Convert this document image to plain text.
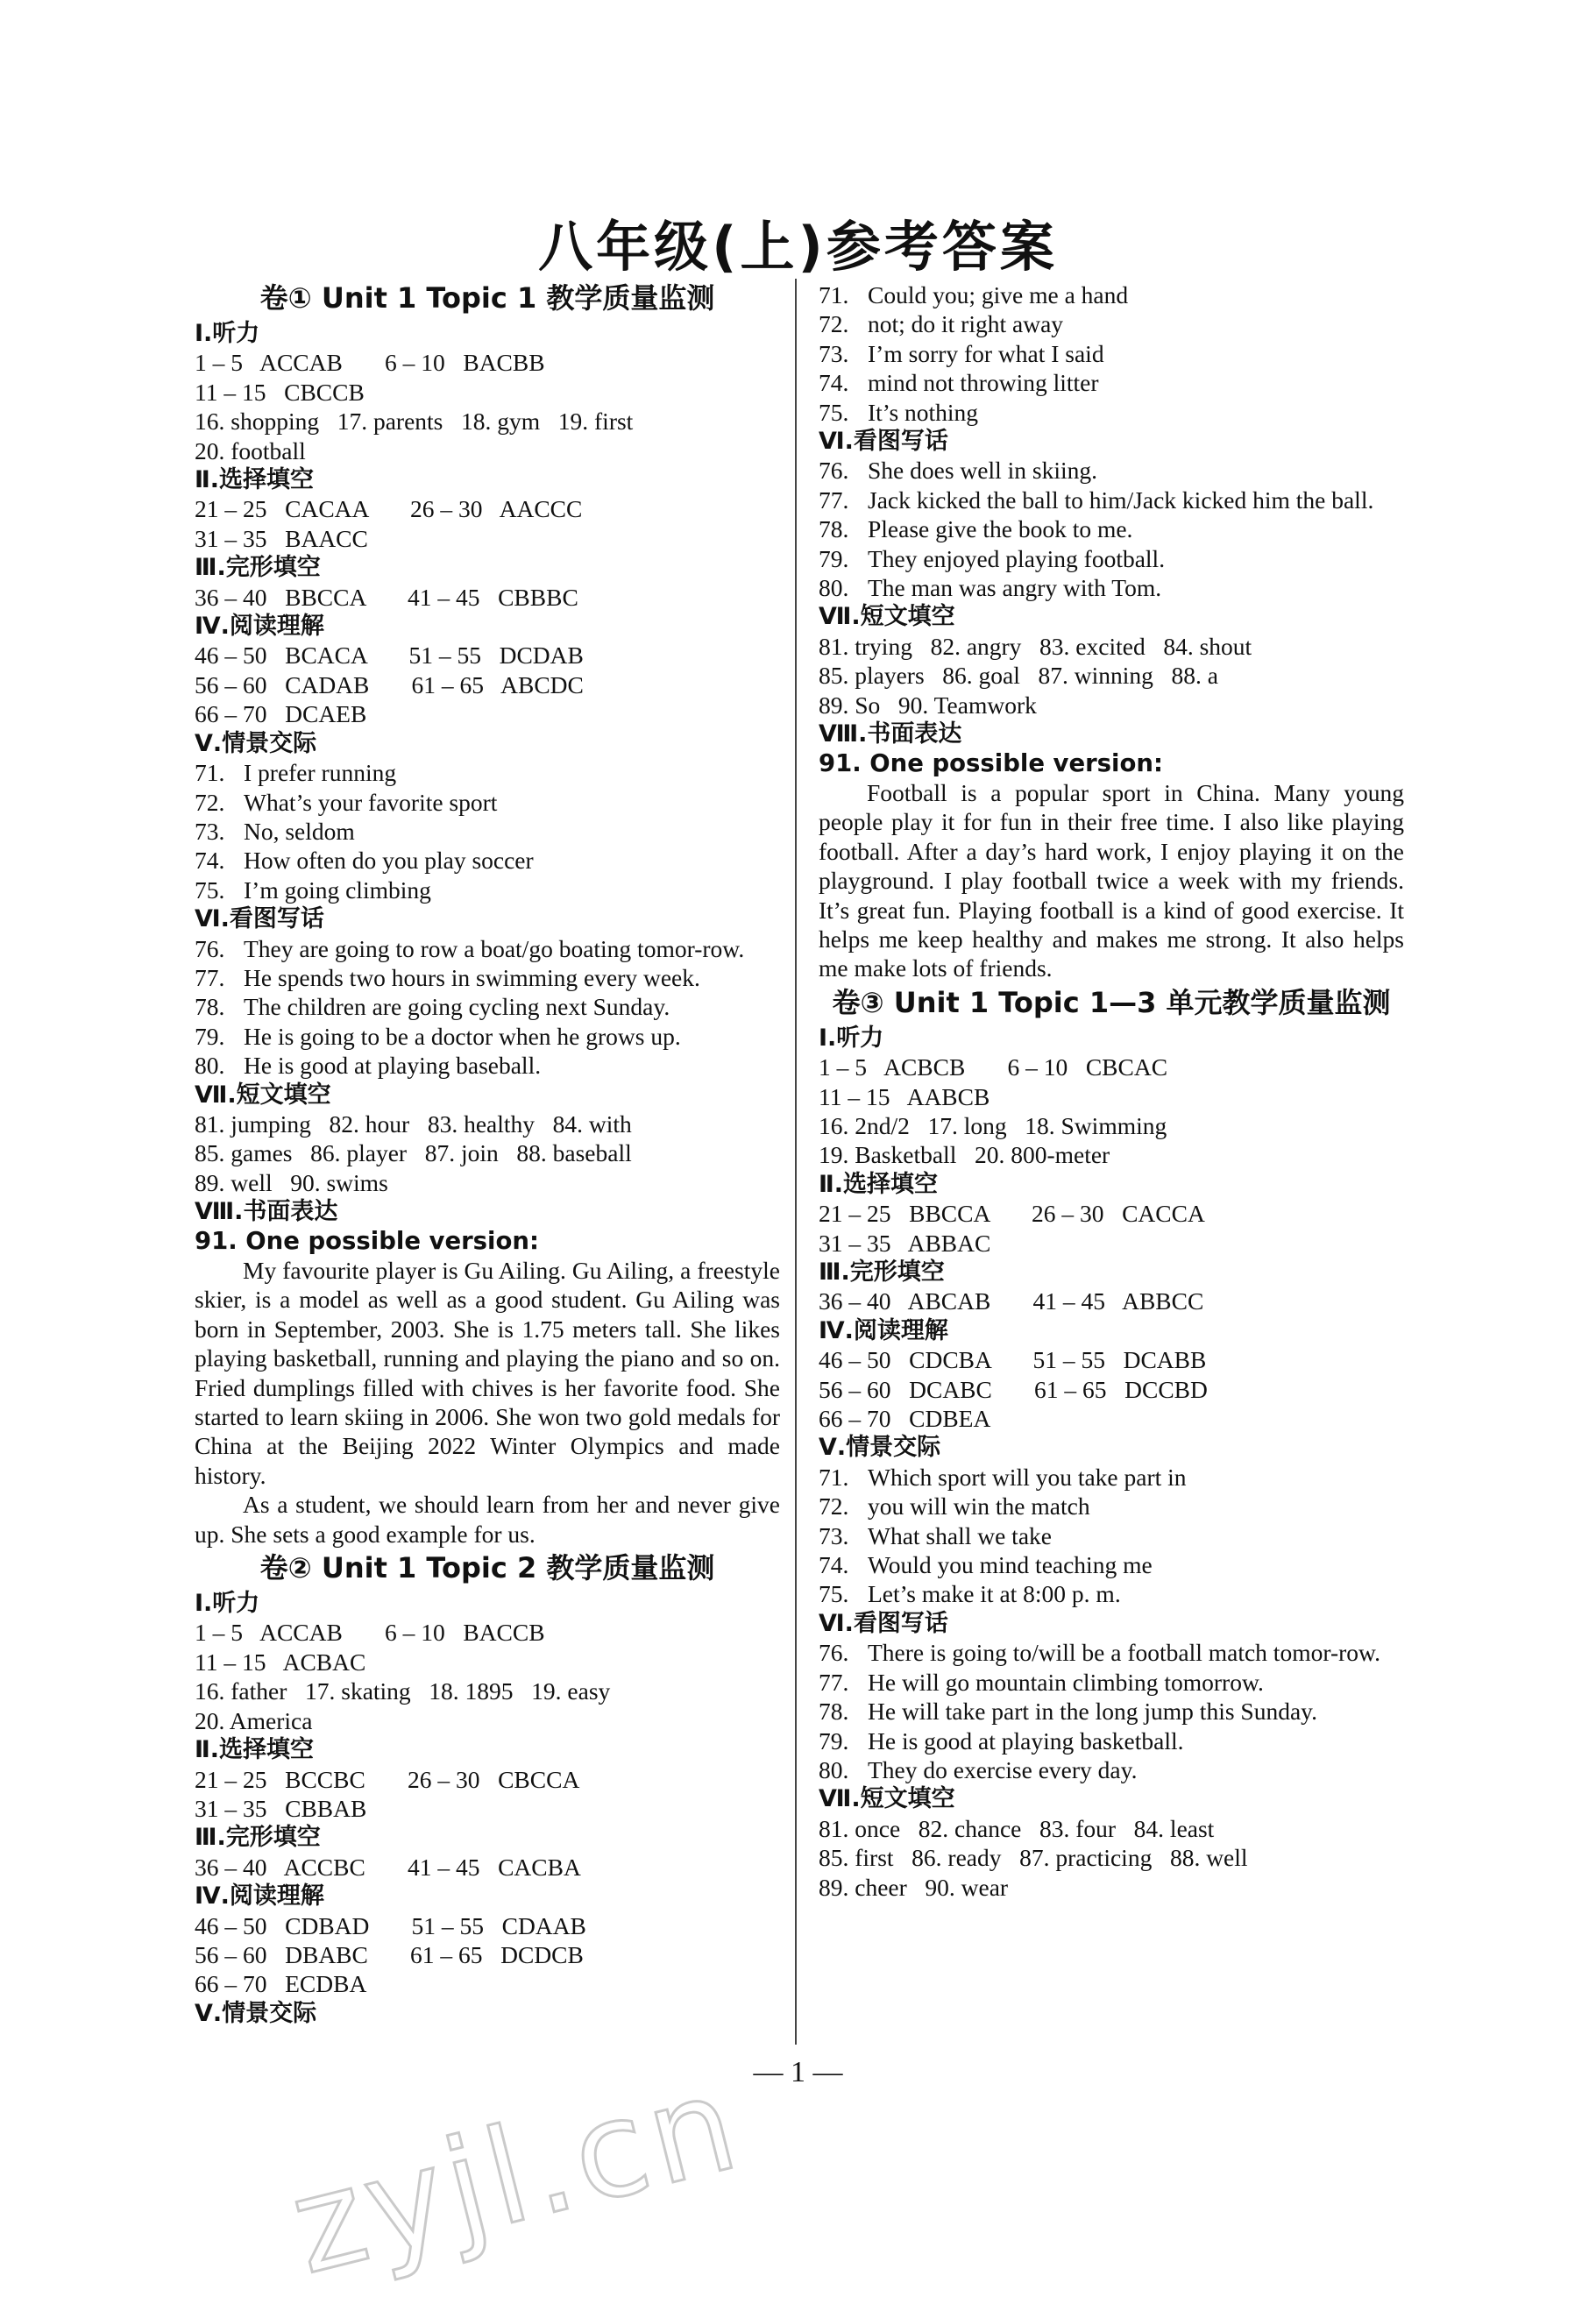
八年级(上)参考答案
卷① Unit 1 Topic 1 教学质量监测
Ⅰ.听力
1 – 5   ACCAB       6 – 10   BACBB
11 – 15   CBCCB
16. shopping   17. parents   18. gym   19. first
20. football
Ⅱ.选择填空
21 – 25   CACAA       26 – 30   AACCC
31 – 35   BAACC
Ⅲ.完形填空
36 – 40   BBCCA       41 – 45   CBBBC
Ⅳ.阅读理解
46 – 50   BCACA       51 – 55   DCDAB
56 – 60   CADAB       61 – 65   ABCDC
66 – 70   DCAEB
Ⅴ.情景交际
71. I prefer running
72. What’s your favorite sport
73. No, seldom
74. How often do you play soccer
75. I’m going climbing
Ⅵ.看图写话
76. They are going to row a boat/go boating tomor-row.
77. He spends two hours in swimming every week.
78. The children are going cycling next Sunday.
79. He is going to be a doctor when he grows up.
80. He is good at playing baseball.
Ⅶ.短文填空
81. jumping   82. hour   83. healthy   84. with
85. games   86. player   87. join   88. baseball
89. well   90. swims
Ⅷ.书面表达
91. One possible version:
My favourite player is Gu Ailing. Gu Ailing, a freestyle skier, is a model as well as a good student. Gu Ailing was born in September, 2003. She is 1.75 meters tall. She likes playing basketball, running and playing the piano and so on. Fried dumplings filled with chives is her favorite food. She started to learn skiing in 2006. She won two gold medals for China at the Beijing 2022 Winter Olympics and made history.
As a student, we should learn from her and never give up. She sets a good example for us.
卷② Unit 1 Topic 2 教学质量监测
Ⅰ.听力
1 – 5   ACCAB       6 – 10   BACCB
11 – 15   ACBAC
16. father   17. skating   18. 1895   19. easy
20. America
Ⅱ.选择填空
21 – 25   BCCBC       26 – 30   CBCCA
31 – 35   CBBAB
Ⅲ.完形填空
36 – 40   ACCBC       41 – 45   CACBA
Ⅳ.阅读理解
46 – 50   CDBAD       51 – 55   CDAAB
56 – 60   DBABC       61 – 65   DCDCB
66 – 70   ECDBA
Ⅴ.情景交际
71. Could you; give me a hand
72. not; do it right away
73. I’m sorry for what I said
74. mind not throwing litter
75. It’s nothing
Ⅵ.看图写话
76. She does well in skiing.
77. Jack kicked the ball to him/Jack kicked him the ball.
78. Please give the book to me.
79. They enjoyed playing football.
80. The man was angry with Tom.
Ⅶ.短文填空
81. trying   82. angry   83. excited   84. shout
85. players   86. goal   87. winning   88. a
89. So   90. Teamwork
Ⅷ.书面表达
91. One possible version:
Football is a popular sport in China. Many young people play it for fun in their free time. I also like playing football. After a day’s hard work, I enjoy playing it on the playground. I play football twice a week with my friends. It’s great fun. Playing football is a kind of good exercise. It helps me keep healthy and makes me strong. It also helps me make lots of friends.
卷③ Unit 1 Topic 1—3 单元教学质量监测
Ⅰ.听力
1 – 5   ACBCB       6 – 10   CBCAC
11 – 15   AABCB
16. 2nd/2   17. long   18. Swimming
19. Basketball   20. 800-meter
Ⅱ.选择填空
21 – 25   BBCCA       26 – 30   CACCA
31 – 35   ABBAC
Ⅲ.完形填空
36 – 40   ABCAB       41 – 45   ABBCC
Ⅳ.阅读理解
46 – 50   CDCBA       51 – 55   DCABB
56 – 60   DCABC       61 – 65   DCCBD
66 – 70   CDBEA
Ⅴ.情景交际
71. Which sport will you take part in
72. you will win the match
73. What shall we take
74. Would you mind teaching me
75. Let’s make it at 8:00 p. m.
Ⅵ.看图写话
76. There is going to/will be a football match tomor-row.
77. He will go mountain climbing tomorrow.
78. He will take part in the long jump this Sunday.
79. He is good at playing basketball.
80. They do exercise every day.
Ⅶ.短文填空
81. once   82. chance   83. four   84. least
85. first   86. ready   87. practicing   88. well
89. cheer   90. wear
— 1 —
zyjl.cn
